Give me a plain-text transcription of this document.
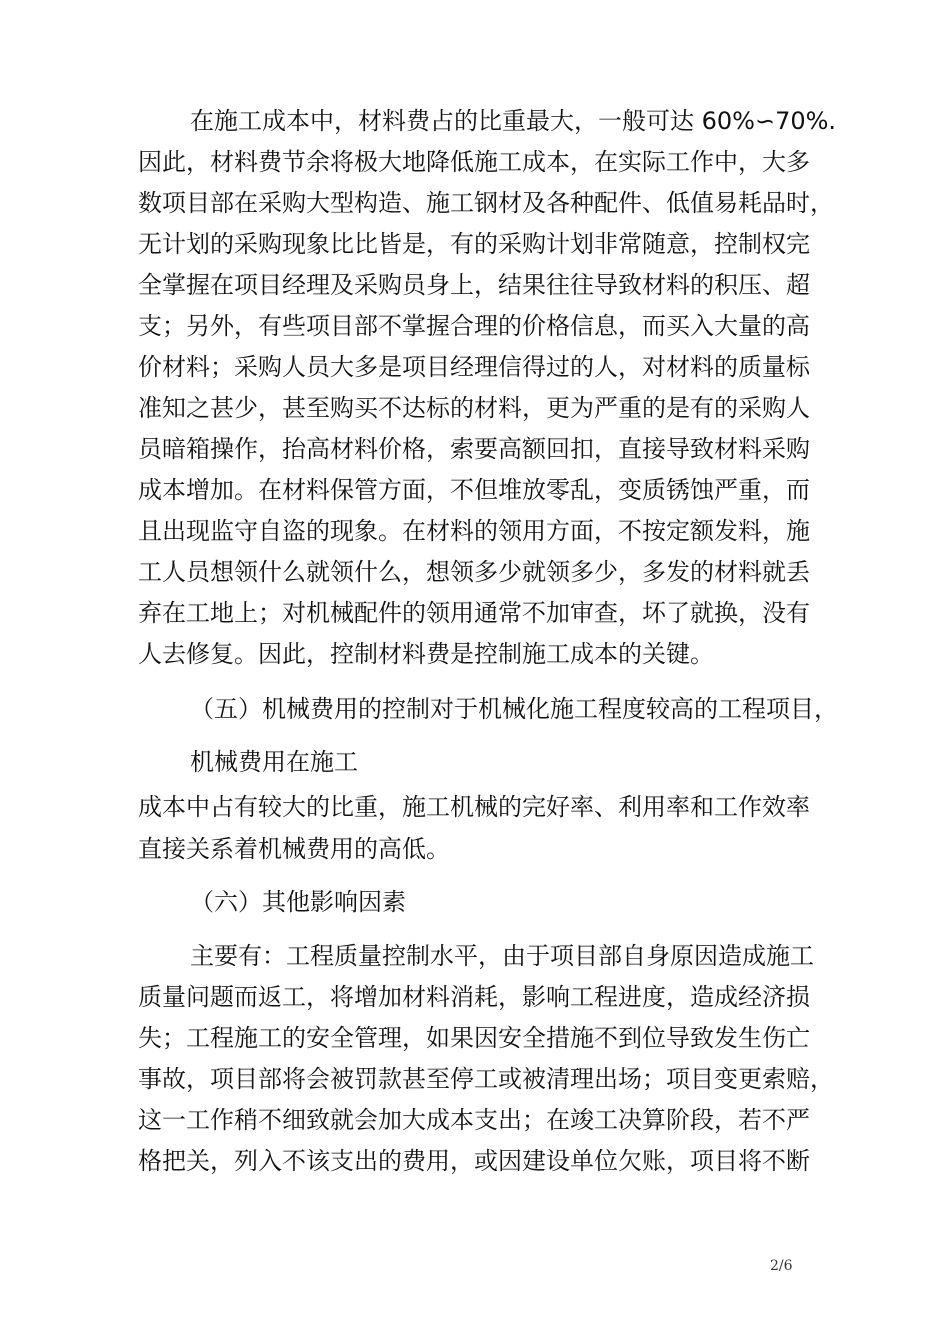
在施工成本中，材料费占的比重最大，一般可达 60%∽70%.
因此，材料费节余将极大地降低施工成本，在实际工作中，大多
数项目部在采购大型构造、施工钢材及各种配件、低值易耗品时，
无计划的采购现象比比皆是，有的采购计划非常随意，控制权完
全掌握在项目经理及采购员身上，结果往往导致材料的积压、超
支；另外，有些项目部不掌握合理的价格信息，而买入大量的高
价材料；采购人员大多是项目经理信得过的人，对材料的质量标
准知之甚少，甚至购买不达标的材料，更为严重的是有的采购人
员暗箱操作，抬高材料价格，索要高额回扣，直接导致材料采购
成本增加。在材料保管方面，不但堆放零乱，变质锈蚀严重，而
且出现监守自盗的现象。在材料的领用方面，不按定额发料，施
工人员想领什么就领什么，想领多少就领多少，多发的材料就丢
弃在工地上；对机械配件的领用通常不加审查，坏了就换，没有
人去修复。因此，控制材料费是控制施工成本的关键。
（五）机械费用的控制对于机械化施工程度较高的工程项目，
机械费用在施工
成本中占有较大的比重，施工机械的完好率、利用率和工作效率
直接关系着机械费用的高低。
（六）其他影响因素
主要有：工程质量控制水平，由于项目部自身原因造成施工
质量问题而返工，将增加材料消耗，影响工程进度，造成经济损
失；工程施工的安全管理，如果因安全措施不到位导致发生伤亡
事故，项目部将会被罚款甚至停工或被清理出场；项目变更索赔，
这一工作稍不细致就会加大成本支出；在竣工决算阶段，若不严
格把关，列入不该支出的费用，或因建设单位欠账，项目将不断
2/6
